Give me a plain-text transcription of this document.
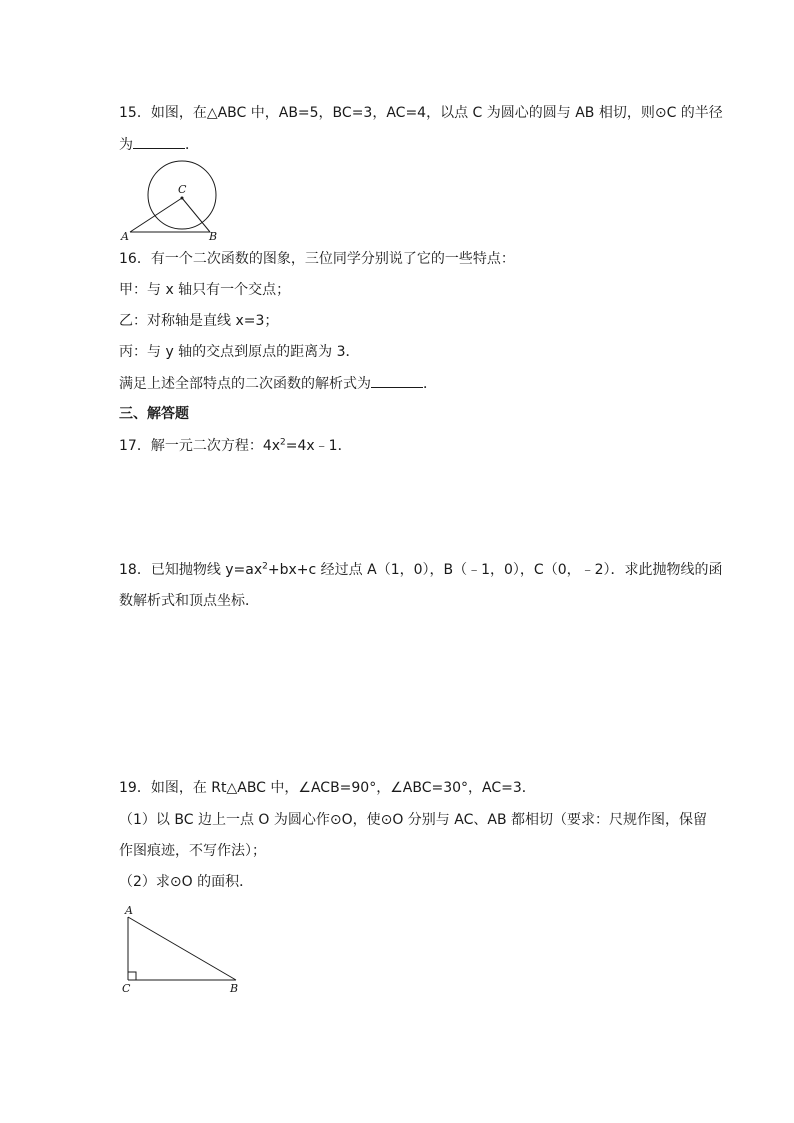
15．如图，在△ABC 中，AB=5，BC=3，AC=4，以点 C 为圆心的圆与 AB 相切，则⊙C 的半径
为	．
A	B
C
16．有一个二次函数的图象，三位同学分别说了它的一些特点：
甲：与 x 轴只有一个交点；
乙：对称轴是直线 x=3；
丙：与 y 轴的交点到原点的距离为 3．
满足上述全部特点的二次函数的解析式为	．
三、解答题
17．解一元二次方程：$4x^2=4x﹣1$．
18．已知抛物线 $y=ax^2+bx+c$ 经过点 A（1，0），B（﹣1，0），C（0，﹣2）．求此抛物线的函
数解析式和顶点坐标．
19．如图，在 Rt△ABC 中，∠ACB=90°，∠ABC=30°，AC=3．
（1）以 BC 边上一点 O 为圆心作⊙O，使⊙O 分别与 AC、AB 都相切（要求：尺规作图，保留
作图痕迹，不写作法）；
（2）求⊙O 的面积．
A
C	B
